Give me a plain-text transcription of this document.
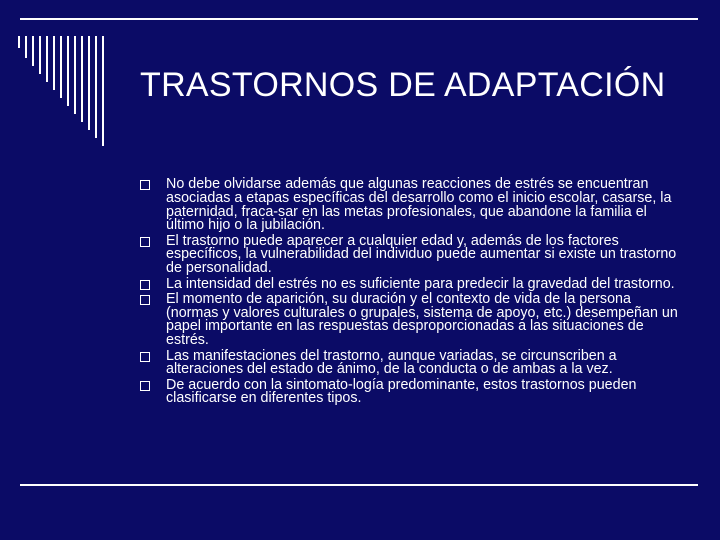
TRASTORNOS DE ADAPTACIÓN
No debe olvidarse además que algunas reacciones de estrés se encuentran asociadas a etapas específicas del desarrollo como el inicio escolar, casarse, la paternidad, fraca-sar en las metas profesionales, que abandone la familia el último hijo o la jubilación.
El trastorno puede aparecer a cualquier edad y, además de los factores específicos, la vulnerabilidad del individuo puede aumentar si existe un trastorno de personalidad.
La intensidad del estrés no es suficiente para predecir la gravedad del trastorno.
El momento de aparición, su duración y el contexto de vida de la persona (normas y valores culturales o grupales, sistema de apoyo, etc.) desempeñan un papel importante en las respuestas desproporcionadas a las situaciones de estrés.
Las manifestaciones del trastorno, aunque variadas, se circunscriben a alteraciones del estado de ánimo, de la conducta o de ambas a la vez.
De acuerdo con la sintomato-logía predominante, estos trastornos pueden clasificarse en diferentes tipos.
